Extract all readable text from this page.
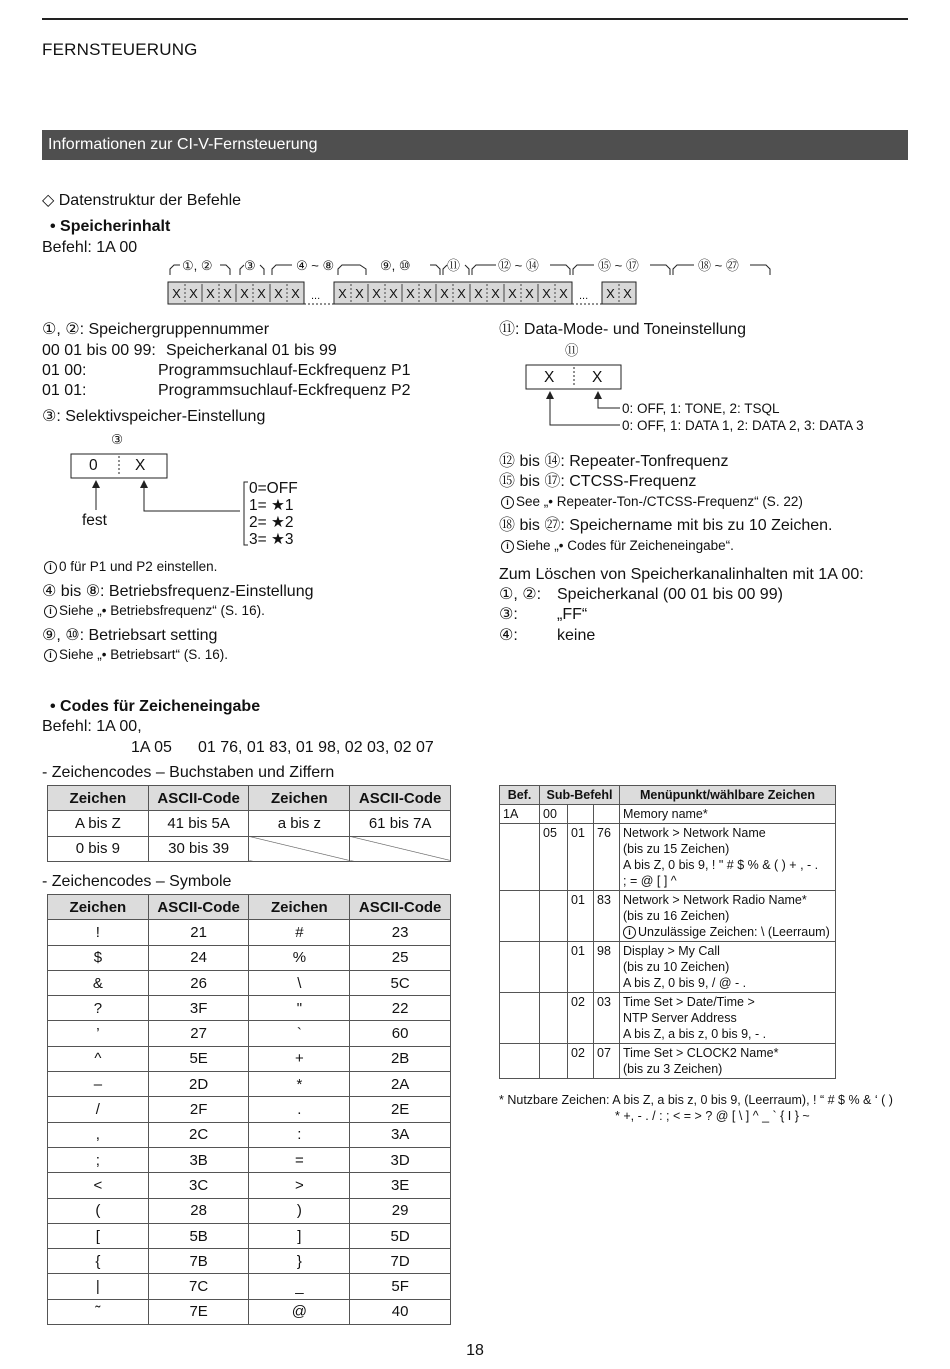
FERNSTEUERUNG
Informationen zur CI-V-Fernsteuerung
◇ Datenstruktur der Befehle
• Speicherinhalt
Befehl: 1A 00
①, ② ③	④ ~ ⑧	⑨, ⑩	⑪	⑫ ~ ⑭	⑮ ~ ⑰	⑱ ~ ㉗
X X X X X X X X ... X X X X X X X X X X X X X X ... X X
①, ②: Speichergruppennummer
00 01 bis 00 99: Speicherkanal 01 bis 99
01 00:	Programmsuchlauf-Eckfrequenz P1
01 01:	Programmsuchlauf-Eckfrequenz P2
③: Selektivspeicher-Einstellung
③
0 X
fest
0=OFF
1= ★1
2= ★2
3= ★3
i 0 für P1 und P2 einstellen.
④ bis ⑧: Betriebsfrequenz-Einstellung
i Siehe „• Betriebsfrequenz“ (S. 16).
⑨, ⑩: Betriebsart setting
i Siehe „• Betriebsart“ (S. 16).
⑪: Data-Mode- und Toneinstellung
⑪
X X
0: OFF, 1: TONE, 2: TSQL
0: OFF, 1: DATA 1, 2: DATA 2, 3: DATA 3
⑫ bis ⑭: Repeater-Tonfrequenz
⑮ bis ⑰: CTCSS-Frequenz
i See „• Repeater-Ton-/CTCSS-Frequenz“ (S. 22)
⑱ bis ㉗: Speichername mit bis zu 10 Zeichen.
i Siehe „• Codes für Zeicheneingabe“.
Zum Löschen von Speicherkanalinhalten mit 1A 00:
①, ②: Speicherkanal (00 01 bis 00 99)
③:	„FF“
④:	keine
• Codes für Zeicheneingabe
Befehl: 1A 00,
1A 05 01 76, 01 83, 01 98, 02 03, 02 07
- Zeichencodes – Buchstaben und Ziffern
Zeichen	ASCII-Code	Zeichen	ASCII-Code
A bis Z	41 bis 5A	a bis z	61 bis 7A
0 bis 9	30 bis 39		
- Zeichencodes – Symbole
Zeichen	ASCII-Code	Zeichen	ASCII-Code
!	21	#	23
$	24	%	25
&	26	\	5C
?	3F	"	22
’	27	`	60
^	5E	+	2B
–	2D	*	2A
/	2F	.	2E
,	2C	:	3A
;	3B	=	3D
<	3C	>	3E
(	28	)	29
[	5B	]	5D
{	7B	}	7D
|	7C	_	5F
˜	7E	@	40
Bef.	Sub-Befehl			Menüpunkt/wählbare Zeichen
1A	00			Memory name*
	05	01	76	Network > Network Name
(bis zu 15 Zeichen)
A bis Z, 0 bis 9, ! " # $ % & ( ) + , - .
; = @ [ ] ^

		01	83	Network > Network Radio Name*
(bis zu 16 Zeichen)
i Unzulässige Zeichen: \ (Leerraum)

		01	98	Display > My Call
(bis zu 10 Zeichen)
A bis Z, 0 bis 9, / @ - .

		02	03	Time Set > Date/Time >
NTP Server Address
A bis Z, a bis z, 0 bis 9, - .

		02	07	Time Set > CLOCK2 Name*
(bis zu 3 Zeichen)
* Nutzbare Zeichen: A bis Z, a bis z, 0 bis 9, (Leerraum), ! “ # $ % & ‘ ( )
* +, - . / : ; < = > ? @ [ \ ] ^ _ ` { I } ~
18
